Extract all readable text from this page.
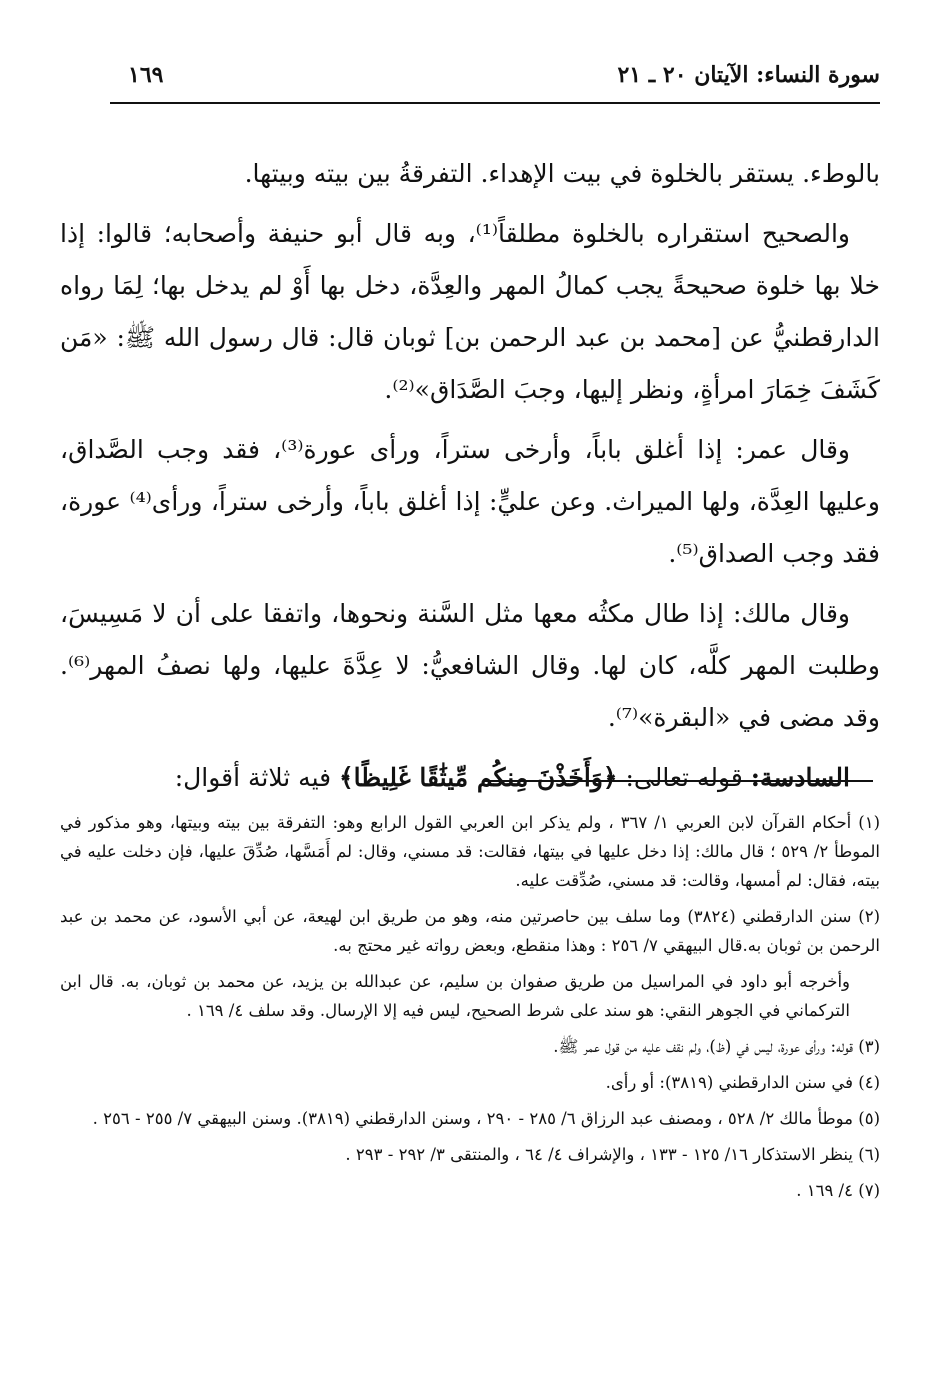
سورة النساء: الآيتان ٢٠ ـ ٢١
١٦٩

بالوطء. يستقر بالخلوة في بيت الإهداء. التفرقةُ بين بيته وبيتها.

والصحيح استقراره بالخلوة مطلقاً⁽¹⁾، وبه قال أبو حنيفة وأصحابه؛ قالوا: إذا خلا بها خلوة صحيحةً يجب كمالُ المهر والعِدَّة، دخل بها أَوْ لم يدخل بها؛ لِمَا رواه الدارقطنيُّ عن [محمد بن عبد الرحمن بن] ثوبان قال: قال رسول الله ﷺ: «مَن كَشَفَ خِمَارَ امرأةٍ، ونظر إليها، وجبَ الصَّدَاق»⁽²⁾.

وقال عمر: إذا أغلق باباً، وأرخى ستراً، ورأى عورة⁽³⁾، فقد وجب الصَّداق، وعليها العِدَّة، ولها الميراث. وعن عليٍّ: إذا أغلق باباً، وأرخى ستراً، ورأى⁽⁴⁾ عورة، فقد وجب الصداق⁽⁵⁾.

وقال مالك: إذا طال مكثُه معها مثل السَّنة ونحوها، واتفقا على أن لا مَسِيسَ، وطلبت المهر كلَّه، كان لها. وقال الشافعيُّ: لا عِدَّةَ عليها، ولها نصفُ المهر⁽⁶⁾. وقد مضى في «البقرة»⁽⁷⁾.

السادسة: قوله تعالى: ﴿وَأَخَذْنَ مِنكُم مِّيثَٰقًا غَلِيظًا﴾ فيه ثلاثة أقوال:

(١) أحكام القرآن لابن العربي ١/ ٣٦٧ ، ولم يذكر ابن العربي القول الرابع وهو: التفرقة بين بيته وبيتها، وهو مذكور في الموطأ ٢/ ٥٢٩ ؛ قال مالك: إذا دخل عليها في بيتها، فقالت: قد مسني، وقال: لم أَمَسَّها، صُدِّقَ عليها، فإن دخلت عليه في بيته، فقال: لم أمسها، وقالت: قد مسني، صُدِّقت عليه.

(٢) سنن الدارقطني (٣٨٢٤) وما سلف بين حاصرتين منه، وهو من طريق ابن لهيعة، عن أبي الأسود، عن محمد بن عبد الرحمن بن ثوبان به.قال البيهقي ٧/ ٢٥٦ : وهذا منقطع، وبعض رواته غير محتج به.

وأخرجه أبو داود في المراسيل من طريق صفوان بن سليم، عن عبدالله بن يزيد، عن محمد بن ثوبان، به. قال ابن التركماني في الجوهر النقي: هو سند على شرط الصحيح، ليس فيه إلا الإرسال. وقد سلف ٤/ ١٦٩ .

(٣) قوله: ورأى عورة، ليس في (ظ)، ولم نقف عليه من قول عمر ﷺ.

(٤) في سنن الدارقطني (٣٨١٩): أو رأى.

(٥) موطأ مالك ٢/ ٥٢٨ ، ومصنف عبد الرزاق ٦/ ٢٨٥ - ٢٩٠ ، وسنن الدارقطني (٣٨١٩). وسنن البيهقي ٧/ ٢٥٥ - ٢٥٦ .

(٦) ينظر الاستذكار ١٦/ ١٢٥ - ١٣٣ ، والإشراف ٤/ ٦٤ ، والمنتقى ٣/ ٢٩٢ - ٢٩٣ .

(٧) ٤/ ١٦٩ .
